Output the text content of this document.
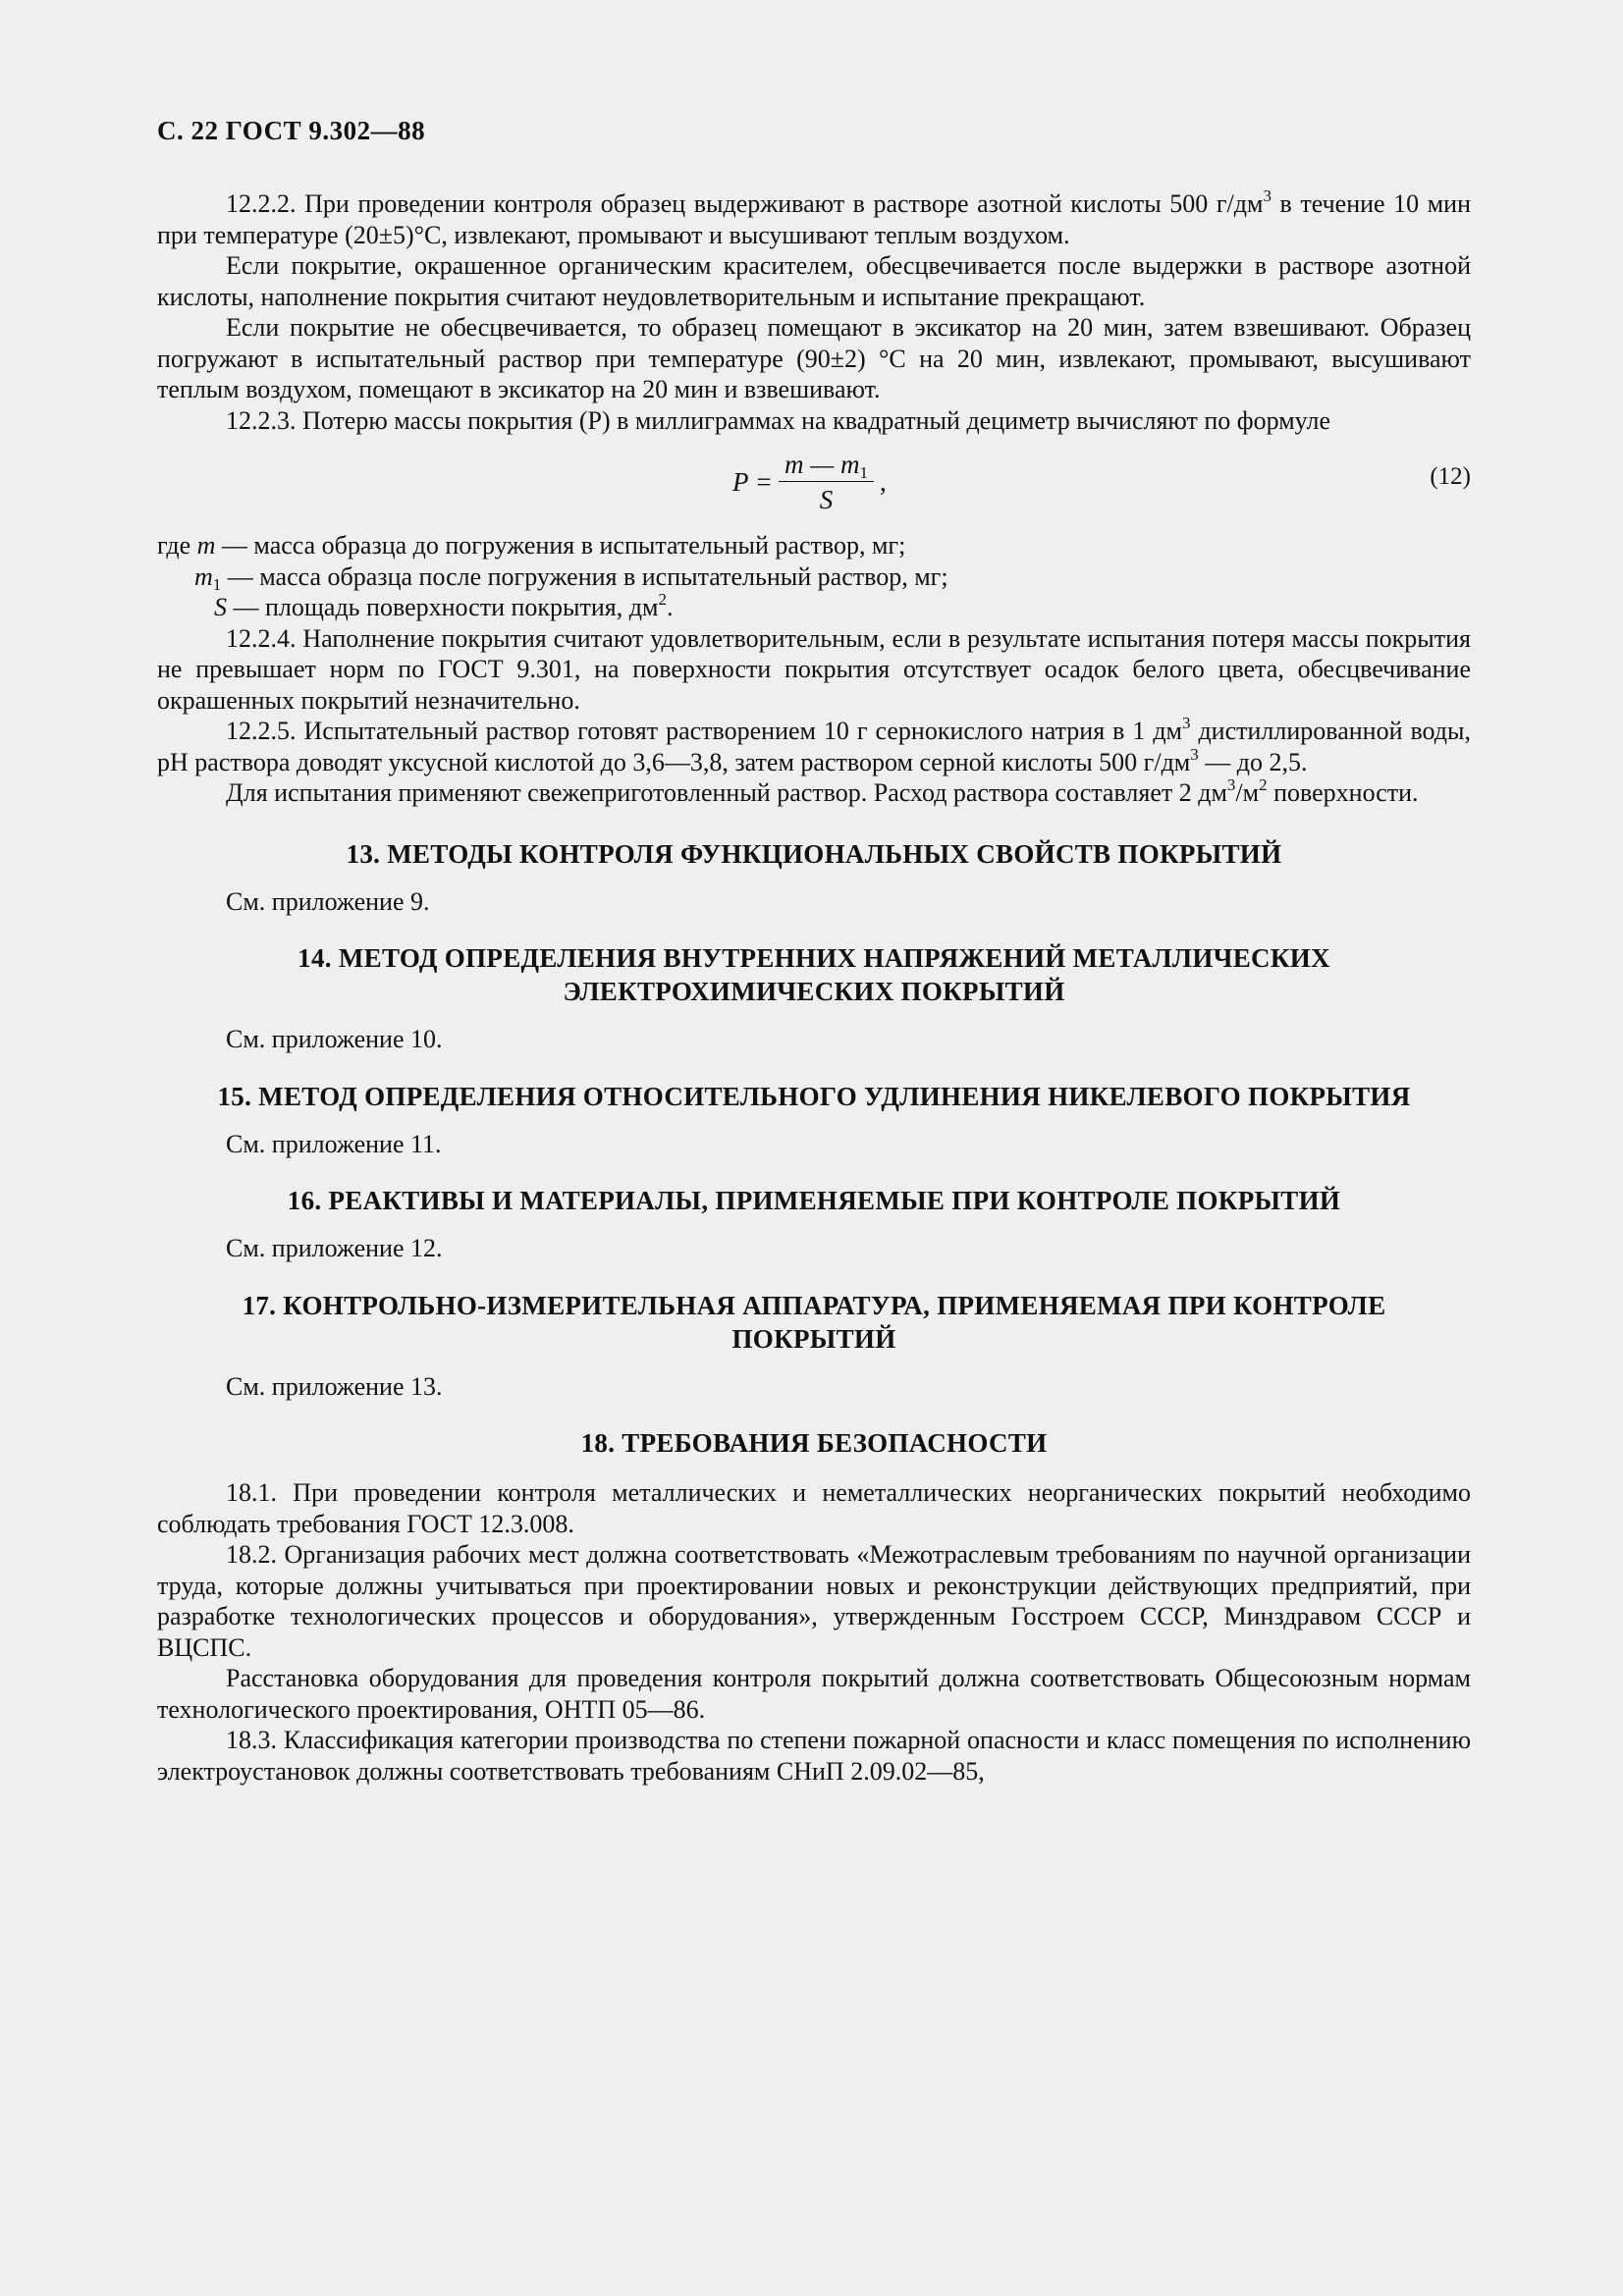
С. 22 ГОСТ 9.302—88

12.2.2. При проведении контроля образец выдерживают в растворе азотной кислоты 500 $г/дм^3$ в течение 10 мин при температуре (20±5)°С, извлекают, промывают и высушивают теплым воздухом.

Если покрытие, окрашенное органическим красителем, обесцвечивается после выдержки в растворе азотной кислоты, наполнение покрытия считают неудовлетворительным и испытание прекращают.

Если покрытие не обесцвечивается, то образец помещают в эксикатор на 20 мин, затем взвешивают. Образец погружают в испытательный раствор при температуре (90±2) °С на 20 мин, извлекают, промывают, высушивают теплым воздухом, помещают в эксикатор на 20 мин и взвешивают.

12.2.3. Потерю массы покрытия (P) в миллиграммах на квадратный дециметр вычисляют по формуле

$P = \frac{m — m_1}{S}$ ,	(12)

где m — масса образца до погружения в испытательный раствор, мг;

$m_1$ — масса образца после погружения в испытательный раствор, мг;

S — площадь поверхности покрытия, $дм^2$.

12.2.4. Наполнение покрытия считают удовлетворительным, если в результате испытания потеря массы покрытия не превышает норм по ГОСТ 9.301, на поверхности покрытия отсутствует осадок белого цвета, обесцвечивание окрашенных покрытий незначительно.

12.2.5. Испытательный раствор готовят растворением 10 г сернокислого натрия в 1 $дм^3$ дистиллированной воды, рН раствора доводят уксусной кислотой до 3,6—3,8, затем раствором серной кислоты 500 $г/дм^3$ — до 2,5.

Для испытания применяют свежеприготовленный раствор. Расход раствора составляет 2 $дм^3/м^2$ поверхности.

13. МЕТОДЫ КОНТРОЛЯ ФУНКЦИОНАЛЬНЫХ СВОЙСТВ ПОКРЫТИЙ

См. приложение 9.

14. МЕТОД ОПРЕДЕЛЕНИЯ ВНУТРЕННИХ НАПРЯЖЕНИЙ МЕТАЛЛИЧЕСКИХ

ЭЛЕКТРОХИМИЧЕСКИХ ПОКРЫТИЙ

См. приложение 10.

15. МЕТОД ОПРЕДЕЛЕНИЯ ОТНОСИТЕЛЬНОГО УДЛИНЕНИЯ НИКЕЛЕВОГО ПОКРЫТИЯ

См. приложение 11.

16. РЕАКТИВЫ И МАТЕРИАЛЫ, ПРИМЕНЯЕМЫЕ ПРИ КОНТРОЛЕ ПОКРЫТИЙ

См. приложение 12.

17. КОНТРОЛЬНО-ИЗМЕРИТЕЛЬНАЯ АППАРАТУРА, ПРИМЕНЯЕМАЯ ПРИ КОНТРОЛЕ

ПОКРЫТИЙ

См. приложение 13.

18. ТРЕБОВАНИЯ БЕЗОПАСНОСТИ

18.1. При проведении контроля металлических и неметаллических неорганических покрытий необходимо соблюдать требования ГОСТ 12.3.008.

18.2. Организация рабочих мест должна соответствовать «Межотраслевым требованиям по научной организации труда, которые должны учитываться при проектировании новых и реконструкции действующих предприятий, при разработке технологических процессов и оборудования», утвержденным Госстроем СССР, Минздравом СССР и ВЦСПС.

Расстановка оборудования для проведения контроля покрытий должна соответствовать Общесоюзным нормам технологического проектирования, ОНТП 05—86.

18.3. Классификация категории производства по степени пожарной опасности и класс помещения по исполнению электроустановок должны соответствовать требованиям СНиП 2.09.02—85,
